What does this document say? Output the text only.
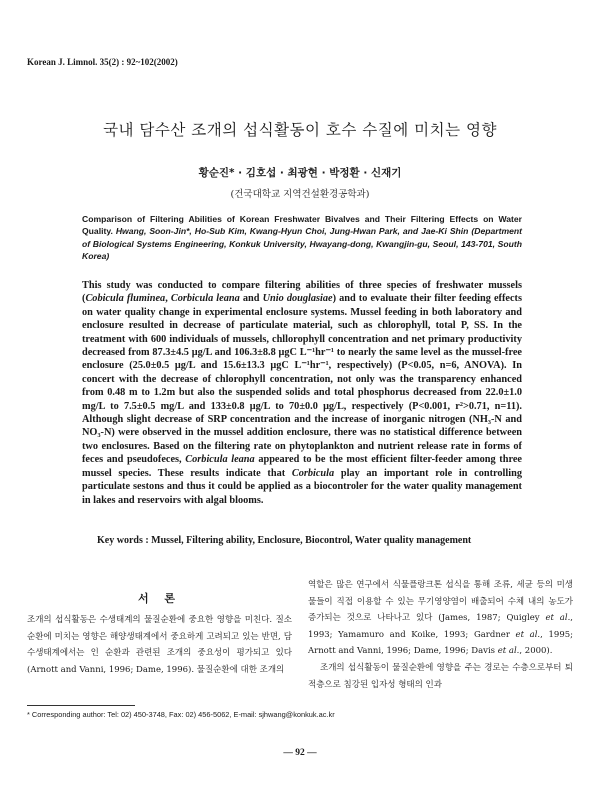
Korean J. Limnol. 35(2) : 92~102(2002)
국내 담수산 조개의 섭식활동이 호수 수질에 미치는 영향
황순진* · 김호섭 · 최광현 · 박정환 · 신재기
(건국대학교 지역건설환경공학과)
Comparison of Filtering Abilities of Korean Freshwater Bivalves and Their Filtering Effects on Water Quality. Hwang, Soon-Jin*, Ho-Sub Kim, Kwang-Hyun Choi, Jung-Hwan Park, and Jae-Ki Shin (Department of Biological Systems Engineering, Konkuk University, Hwayang-dong, Kwangjin-gu, Seoul, 143-701, South Korea)

This study was conducted to compare filtering abilities of three species of freshwater mussels (Cobicula fluminea, Corbicula leana and Unio douglasiae) and to evaluate their filter feeding effects on water quality change in experimental enclosure systems. Mussel feeding in both laboratory and enclosure resulted in decrease of particulate material, such as chlorophyll, total P, SS. In the treatment with 600 individuals of mussels, chllorophyll concentration and net primary productivity decreased from 87.3±4.5 μg/L and 106.3±8.8 μgC L⁻¹hr⁻¹ to nearly the same level as the mussel-free enclosure (25.0±0.5 μg/L and 15.6±13.3 μgC L⁻¹hr⁻¹, respectively) (P<0.05, n=6, ANOVA). In concert with the decrease of chlorophyll concentration, not only was the transparency enhanced from 0.48 m to 1.2m but also the suspended solids and total phosphorus decreased from 22.0±1.0 mg/L to 7.5±0.5 mg/L and 133±0.8 μg/L to 70±0.0 μg/L, respectively (P<0.001, r²>0.71, n=11). Although slight decrease of SRP concentration and the increase of inorganic nitrogen (NH₃-N and NO₃-N) were observed in the mussel addition enclosure, there was no statistical difference between two enclosures. Based on the filtering rate on phytoplankton and nutrient release rate in forms of feces and pseudofeces, Corbicula leana appeared to be the most efficient filter-feeder among three mussel species. These results indicate that Corbicula play an important role in controlling particulate sestons and thus it could be applied as a biocontroler for the water quality management in lakes and reservoirs with algal blooms.

Key words : Mussel, Filtering ability, Enclosure, Biocontrol, Water quality management
서 론

조개의 섭식활동은 수생태계의 물질순환에 중요한 영향을 미친다. 질소순환에 미치는 영향은 해양생태계에서 중요하게 고려되고 있는 반면, 담수생태계에서는 인 순환과 관련된 조개의 중요성이 평가되고 있다(Arnott and Vanni, 1996; Dame, 1996). 물질순환에 대한 조개의

역할은 많은 연구에서 식물플랑크톤 섭식을 통해 조류, 세균 등의 미생물들이 직접 이용할 수 있는 무기영양염이 배출되어 수체 내의 농도가 증가되는 것으로 나타나고 있다 (James, 1987; Quigley et al., 1993; Yamamuro and Koike, 1993; Gardner et al., 1995; Arnott and Vanni, 1996; Dame, 1996; Davis et al., 2000).

조개의 섭식활동이 물질순환에 영향을 주는 경로는 수층으로부터 퇴적층으로 침강된 입자성 형태의 인과

* Corresponding author: Tel: 02) 450-3748, Fax: 02) 456-5062, E-mail: sjhwang@konkuk.ac.kr
— 92 —
